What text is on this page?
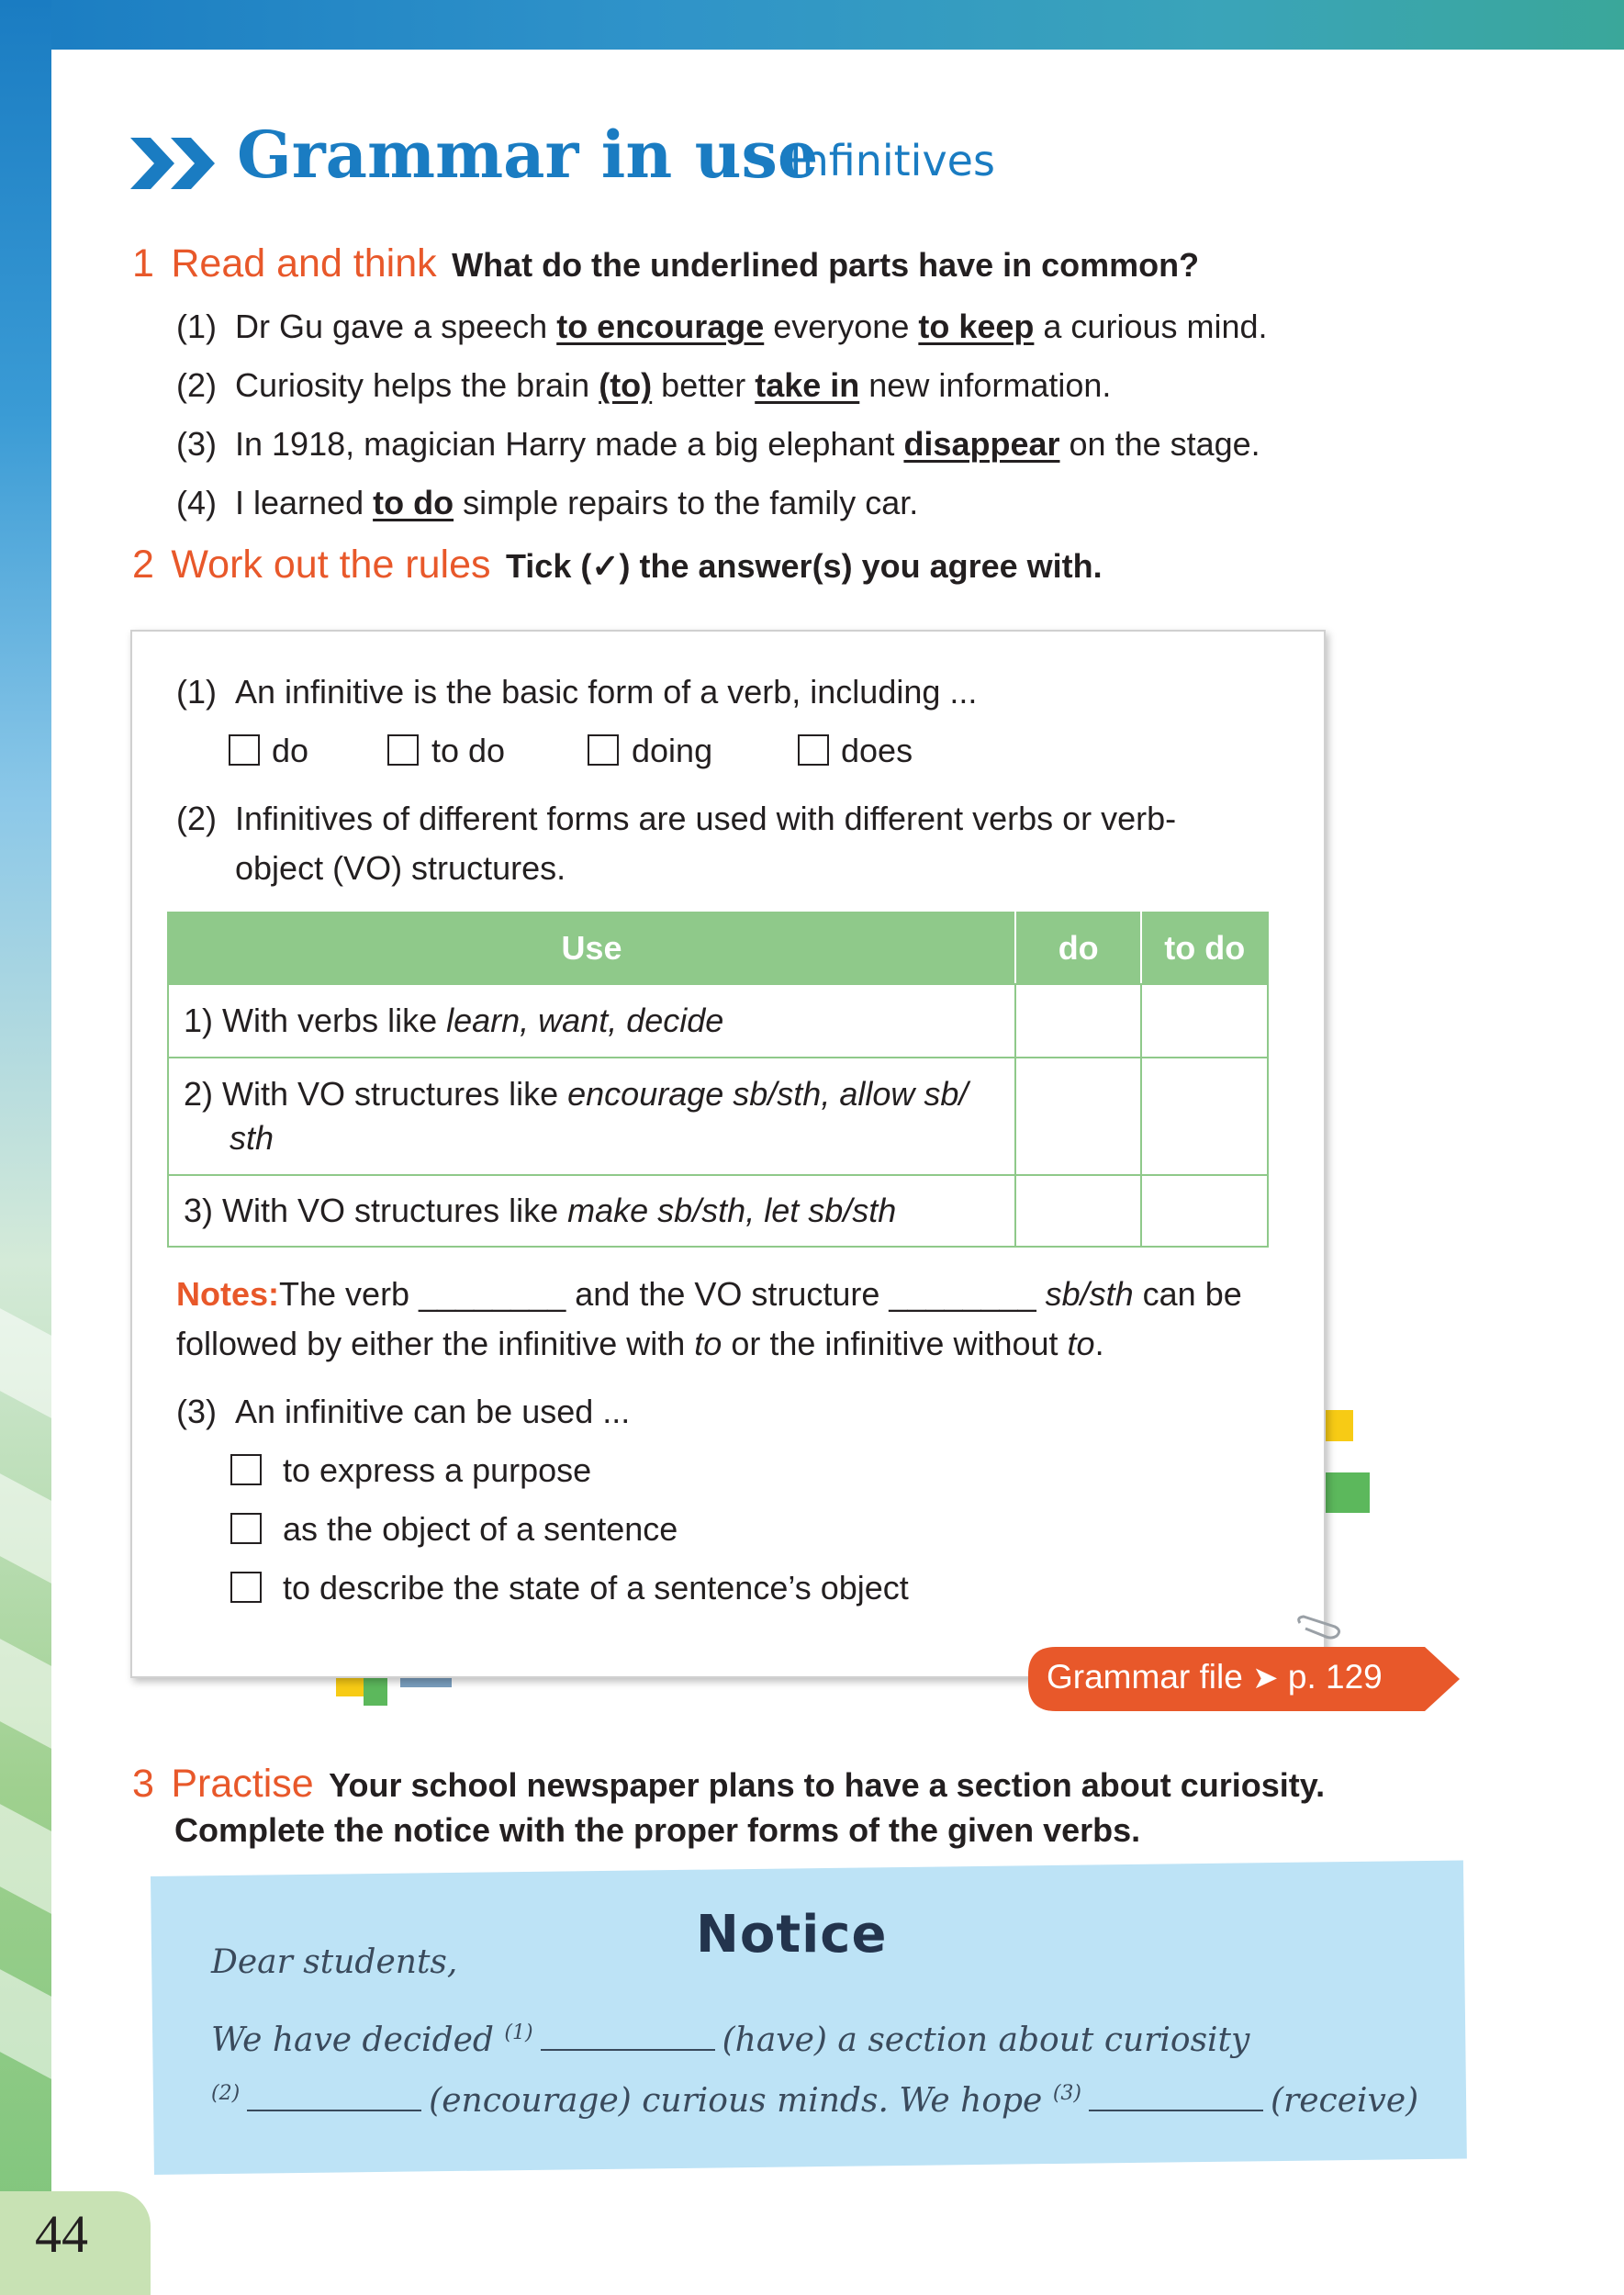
44
Grammar in use
Infinitives
1 Read and think What do the underlined parts have in common?
(1) Dr Gu gave a speech to encourage everyone to keep a curious mind.
(2) Curiosity helps the brain (to) better take in new information.
(3) In 1918, magician Harry made a big elephant disappear on the stage.
(4) I learned to do simple repairs to the family car.
2 Work out the rules Tick (✓) the answer(s) you agree with.
(1) An infinitive is the basic form of a verb, including ...
do	to do	doing	does
(2) Infinitives of different forms are used with different verbs or verb-
object (VO) structures.
Use	do	to do
1) With verbs like learn, want, decide		
2) With VO structures like encourage sb/sth, allow sb/
sth		
3) With VO structures like make sb/sth, let sb/sth		
Notes:The verb ________ and the VO structure ________ sb/sth can be
followed by either the infinitive with to or the infinitive without to.
(3) An infinitive can be used ...
to express a purpose
as the object of a sentence
to describe the state of a sentence’s object
Grammar file ➤ p. 129
3 Practise Your school newspaper plans to have a section about curiosity.
Complete the notice with the proper forms of the given verbs.
Notice
Dear students,
We have decided $^{(1)}$	(have) a section about curiosity
$^{(2)}$	(encourage) curious minds. We hope $^{(3)}$	(receive)
